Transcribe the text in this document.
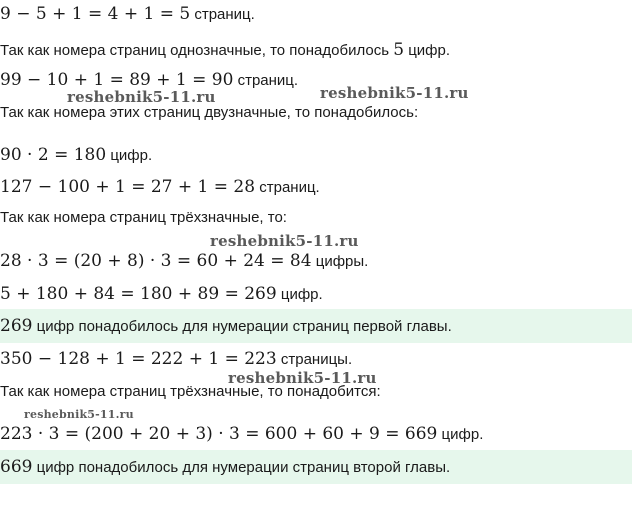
9 − 5 + 1 = 4 + 1 = 5 страниц.
Так как номера страниц однозначные, то понадобилось 5 цифр.
99 − 10 + 1 = 89 + 1 = 90 страниц.
Так как номера этих страниц двузначные, то понадобилось:
90 · 2 = 180 цифр.
127 − 100 + 1 = 27 + 1 = 28 страниц.
Так как номера страниц трёхзначные, то:
28 · 3 = (20 + 8) · 3 = 60 + 24 = 84 цифры.
5 + 180 + 84 = 180 + 89 = 269 цифр.
269 цифр понадобилось для нумерации страниц первой главы.
350 − 128 + 1 = 222 + 1 = 223 страницы.
Так как номера страниц трёхзначные, то понадобится:
223 · 3 = (200 + 20 + 3) · 3 = 600 + 60 + 9 = 669 цифр.
669 цифр понадобилось для нумерации страниц второй главы.
reshebnik5-11.ru	reshebnik5-11.ru
reshebnik5-11.ru
reshebnik5-11.ru
reshebnik5-11.ru
